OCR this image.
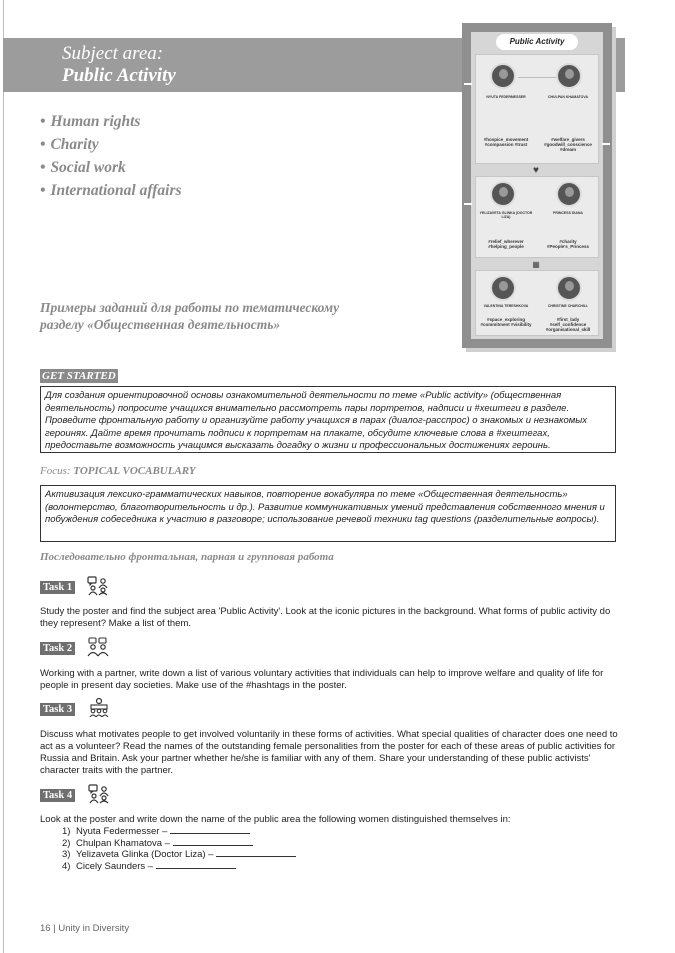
Subject area:
Public Activity
• Human rights
• Charity
• Social work
• International affairs
Примеры заданий для работы по тематическому разделу «Общественная деятельность»
Public Activity
NYUTA FEDERMESSER	CHULPAN KHAMATOVA
#hospice_movement #compassion #trust
#welfare_givers #goodwill_conscience #dream
♥
YELIZAVETA GLINKA (DOCTOR LIZA)
PRINCESS DIANA
#relief_wherever #helping_people
#charity #People's_Princess
▦
VALENTINA TERESHKOVA	CHRISTINE CHURCHILL
#space_exploring #commitment #visibility
#first_lady #self_confidence #organisational_skill
GET STARTED
Для создания ориентировочной основы ознакомительной деятельности по теме «Public activity» (общественная деятельность) попросите учащихся внимательно рассмотреть пары портретов, надписи и #хештеги в разделе. Проведите фронтальную работу и организуйте работу учащихся в парах (диалог-расспрос) о знакомых и незнакомых героинях. Дайте время прочитать подписи к портретам на плакате, обсудите ключевые слова в #хештегах, предоставьте возможность учащимся высказать догадку о жизни и профессиональных достижениях героинь.
Focus: TOPICAL VOCABULARY
Активизация лексико-грамматических навыков, повторение вокабуляра по теме «Общественная деятельность» (волонтерство, благотворительность и др.). Развитие коммуникативных умений представления собственного мнения и побуждения собеседника к участию в разговоре; использование речевой техники tag questions (разделительные вопросы).
Последовательно фронтальная, парная и групповая работа
Task 1
Study the poster and find the subject area 'Public Activity'. Look at the iconic pictures in the background. What forms of public activity do they represent? Make a list of them.
Task 2
Working with a partner, write down a list of various voluntary activities that individuals can help to improve welfare and quality of life for people in present day societies. Make use of the #hashtags in the poster.
Task 3
Discuss what motivates people to get involved voluntarily in these forms of activities. What special qualities of character does one need to act as a volunteer? Read the names of the outstanding female personalities from the poster for each of these areas of public activities for Russia and Britain. Ask your partner whether he/she is familiar with any of them. Share your understanding of these public activists' character traits with the partner.
Task 4
Look at the poster and write down the name of the public area the following women distinguished themselves in:
1) Nyuta Federmesser –
2) Chulpan Khamatova –
3) Yelizaveta Glinka (Doctor Liza) –
4) Cicely Saunders –
16 | Unity in Diversity
